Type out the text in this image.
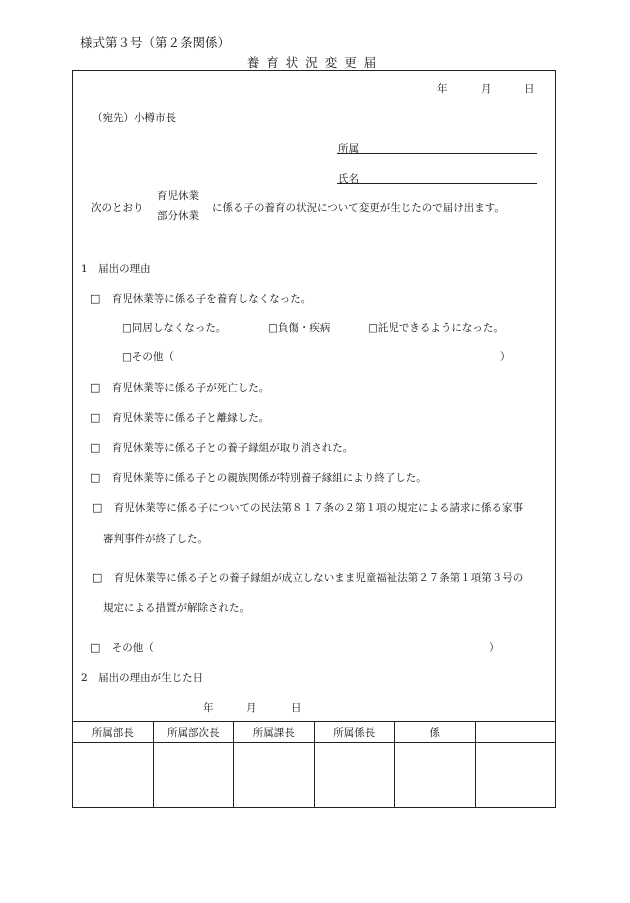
様式第３号（第２条関係）
養育状況変更届
年	月	日
（宛先）小樽市長
所属
氏名
次のとおり
育児休業
部分休業
に係る子の養育の状況について変更が生じたので届け出ます。
1　届出の理由
□ 育児休業等に係る子を養育しなくなった。
□同居しなくなった。	□負傷・疾病	□託児できるようになった。
□その他（	）
□ 育児休業等に係る子が死亡した。
□ 育児休業等に係る子と離縁した。
□ 育児休業等に係る子との養子縁組が取り消された。
□ 育児休業等に係る子との親族関係が特別養子縁組により終了した。
□ 育児休業等に係る子についての民法第８１７条の２第１項の規定による請求に係る家事
審判事件が終了した。
□ 育児休業等に係る子との養子縁組が成立しないまま児童福祉法第２７条第１項第３号の
規定による措置が解除された。
□ その他（	）
2　届出の理由が生じた日
年	月	日
所属部長	所属部次長	所属課長	所属係長	係	
